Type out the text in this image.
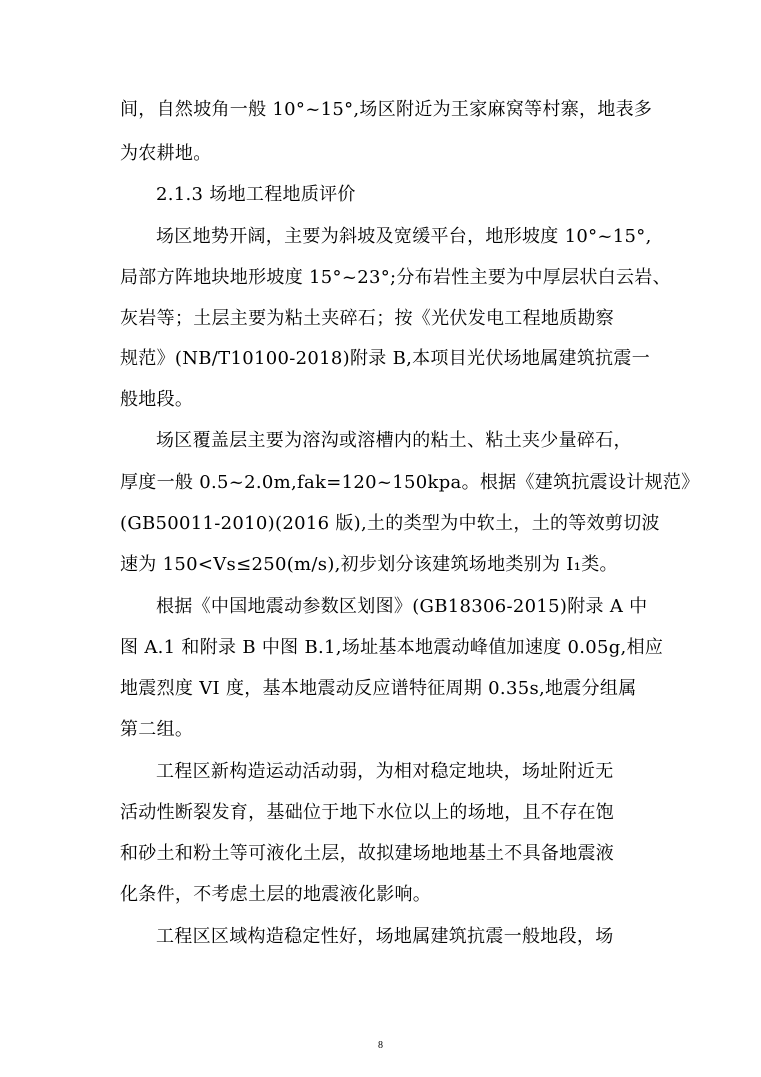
间，自然坡角一般 10°~15°,场区附近为王家麻窝等村寨，地表多
为农耕地。
2.1.3 场地工程地质评价
场区地势开阔，主要为斜坡及宽缓平台，地形坡度 10°~15°,
局部方阵地块地形坡度 15°~23°;分布岩性主要为中厚层状白云岩、
灰岩等；土层主要为粘土夹碎石；按《光伏发电工程地质勘察
规范》(NB/T10100-2018)附录 B,本项目光伏场地属建筑抗震一
般地段。
场区覆盖层主要为溶沟或溶槽内的粘土、粘土夹少量碎石，
厚度一般 0.5~2.0m,fak=120~150kpa。根据《建筑抗震设计规范》
(GB50011-2010)(2016 版),土的类型为中软土，土的等效剪切波
速为 150<Vs≤250(m/s),初步划分该建筑场地类别为 I₁类。
根据《中国地震动参数区划图》(GB18306-2015)附录 A 中
图 A.1 和附录 B 中图 B.1,场址基本地震动峰值加速度 0.05g,相应
地震烈度 VI 度，基本地震动反应谱特征周期 0.35s,地震分组属
第二组。
工程区新构造运动活动弱，为相对稳定地块，场址附近无
活动性断裂发育，基础位于地下水位以上的场地，且不存在饱
和砂土和粉土等可液化土层，故拟建场地地基土不具备地震液
化条件，不考虑土层的地震液化影响。
工程区区域构造稳定性好，场地属建筑抗震一般地段，场
8
